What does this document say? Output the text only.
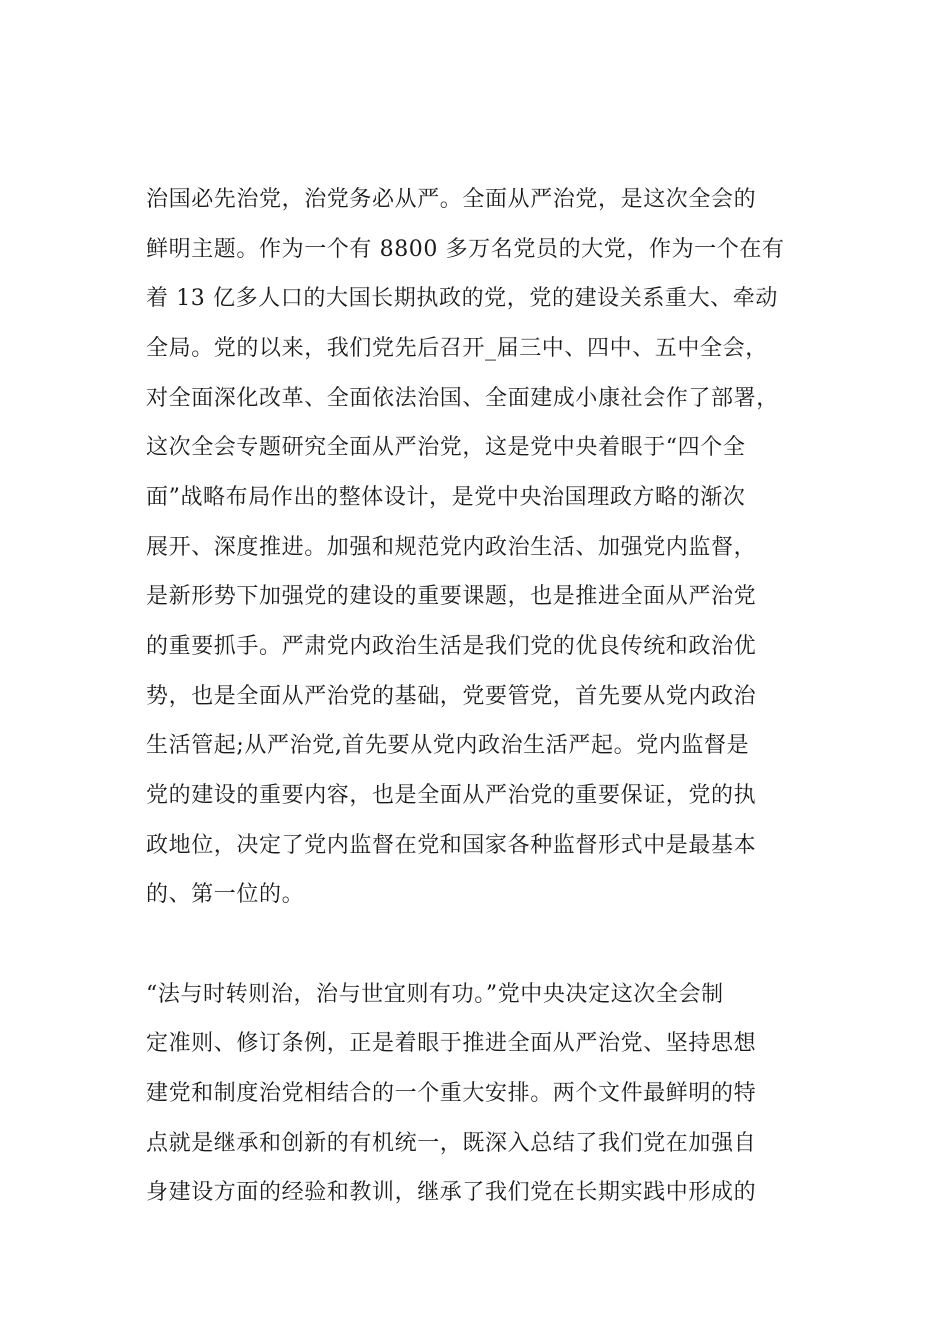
治国必先治党，治党务必从严。全面从严治党，是这次全会的
鲜明主题。作为一个有 8800 多万名党员的大党，作为一个在有
着 13 亿多人口的大国长期执政的党，党的建设关系重大、牵动
全局。党的以来，我们党先后召开_届三中、四中、五中全会，
对全面深化改革、全面依法治国、全面建成小康社会作了部署，
这次全会专题研究全面从严治党，这是党中央着眼于“四个全
面”战略布局作出的整体设计，是党中央治国理政方略的渐次
展开、深度推进。加强和规范党内政治生活、加强党内监督，
是新形势下加强党的建设的重要课题，也是推进全面从严治党
的重要抓手。严肃党内政治生活是我们党的优良传统和政治优
势，也是全面从严治党的基础，党要管党，首先要从党内政治
生活管起;从严治党,首先要从党内政治生活严起。党内监督是
党的建设的重要内容，也是全面从严治党的重要保证，党的执
政地位，决定了党内监督在党和国家各种监督形式中是最基本
的、第一位的。
“法与时转则治，治与世宜则有功。”党中央决定这次全会制
定准则、修订条例，正是着眼于推进全面从严治党、坚持思想
建党和制度治党相结合的一个重大安排。两个文件最鲜明的特
点就是继承和创新的有机统一，既深入总结了我们党在加强自
身建设方面的经验和教训，继承了我们党在长期实践中形成的
